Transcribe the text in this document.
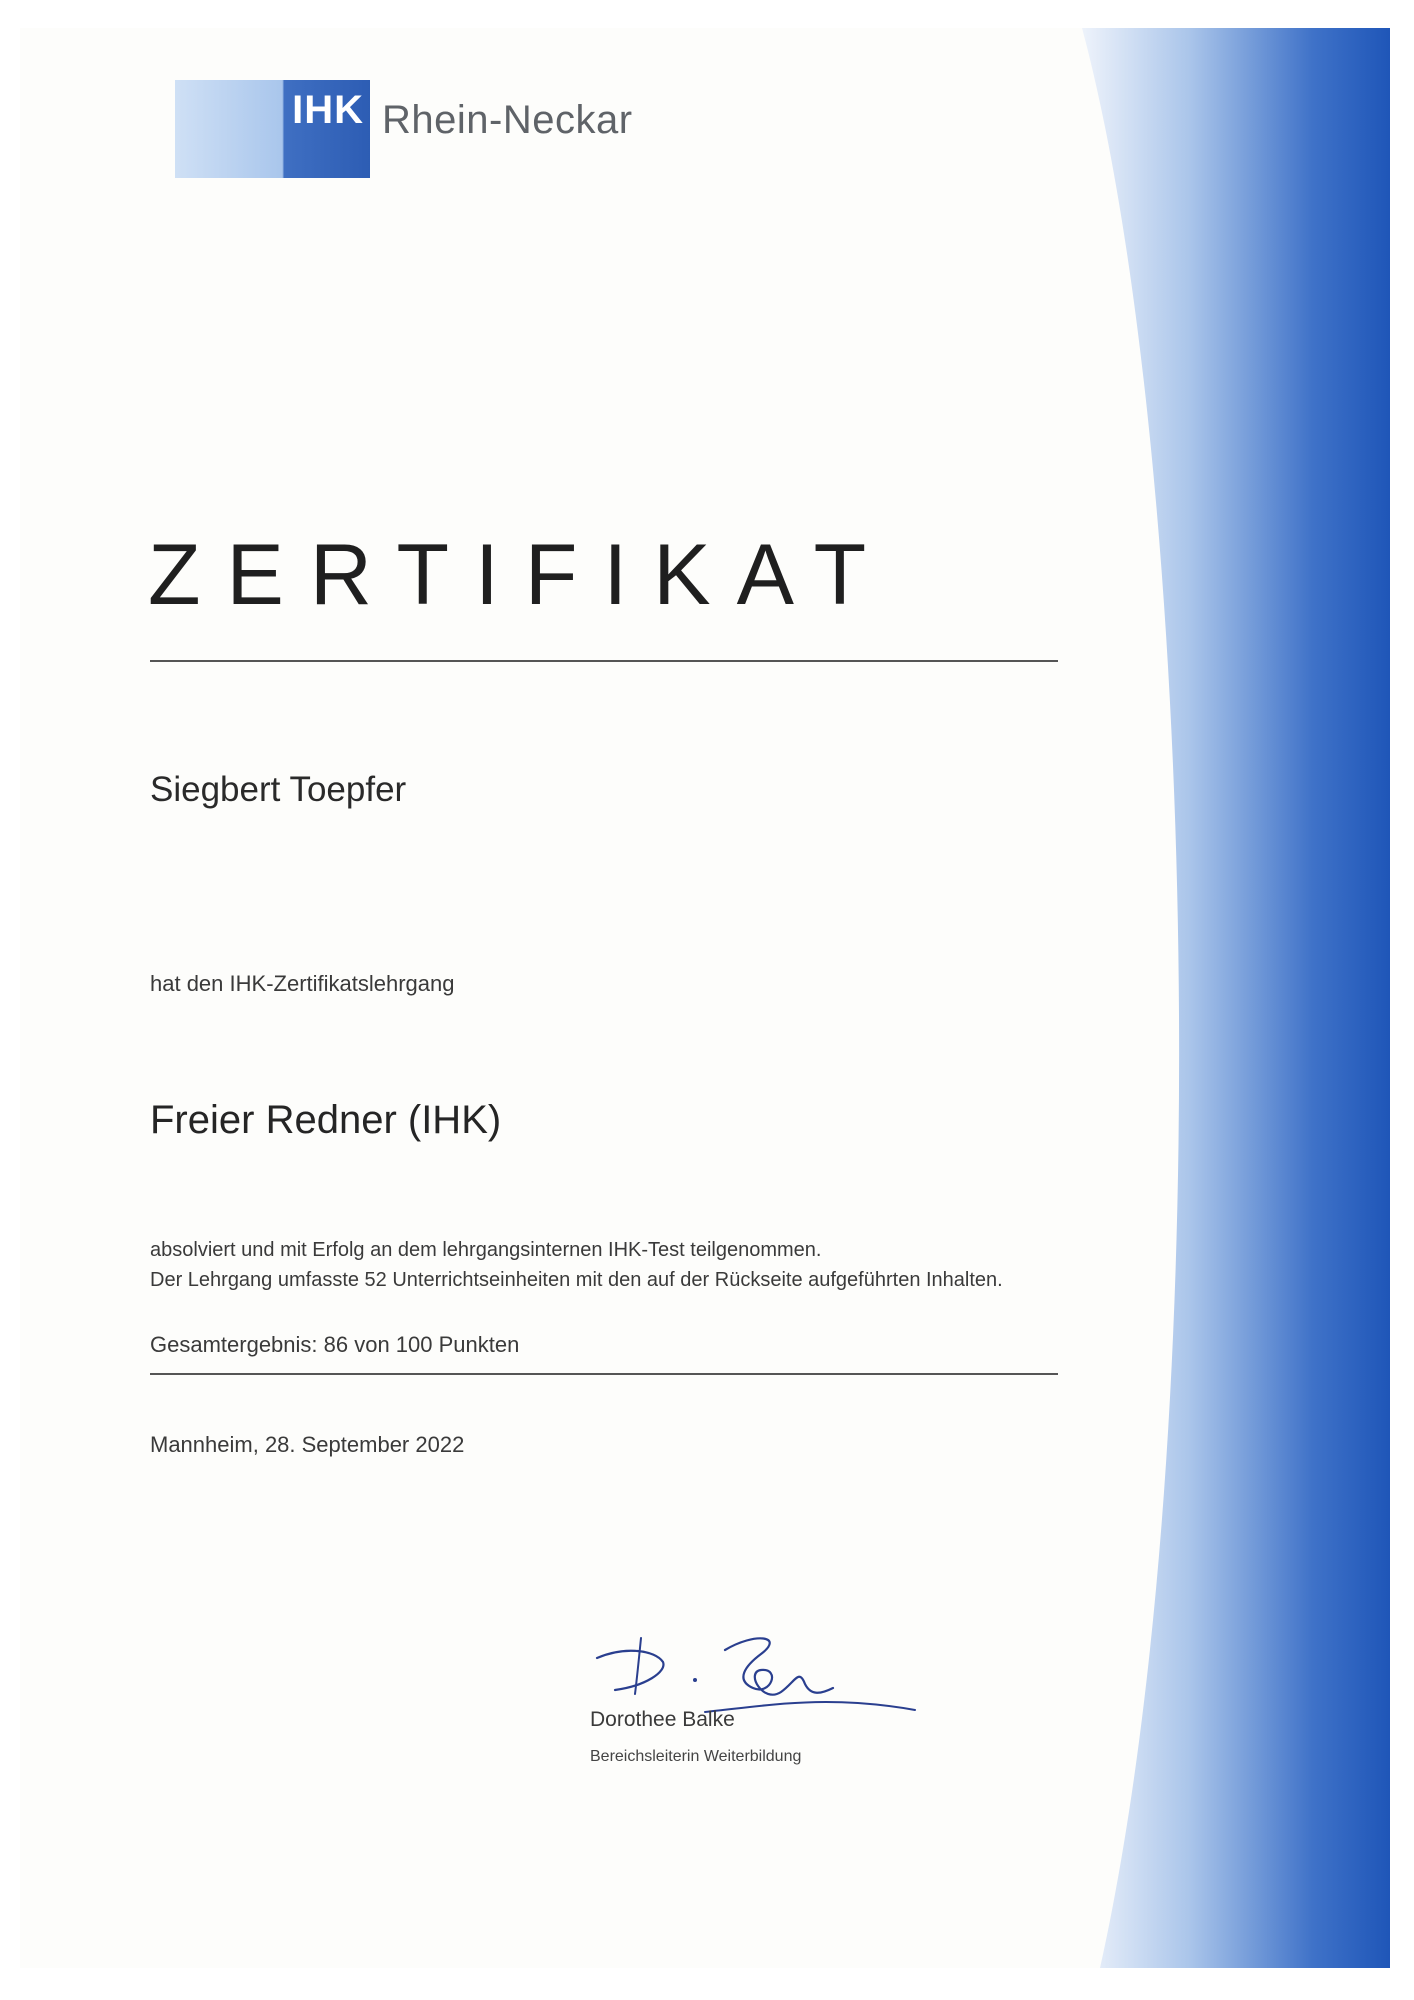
IHK Rhein-Neckar
ZERTIFIKAT
Siegbert Toepfer
hat den IHK-Zertifikatslehrgang
Freier Redner (IHK)
absolviert und mit Erfolg an dem lehrgangsinternen IHK-Test teilgenommen.
Der Lehrgang umfasste 52 Unterrichtseinheiten mit den auf der Rückseite aufgeführten Inhalten.
Gesamtergebnis: 86 von 100 Punkten
Mannheim, 28. September 2022
Dorothee Balke
Bereichsleiterin Weiterbildung
